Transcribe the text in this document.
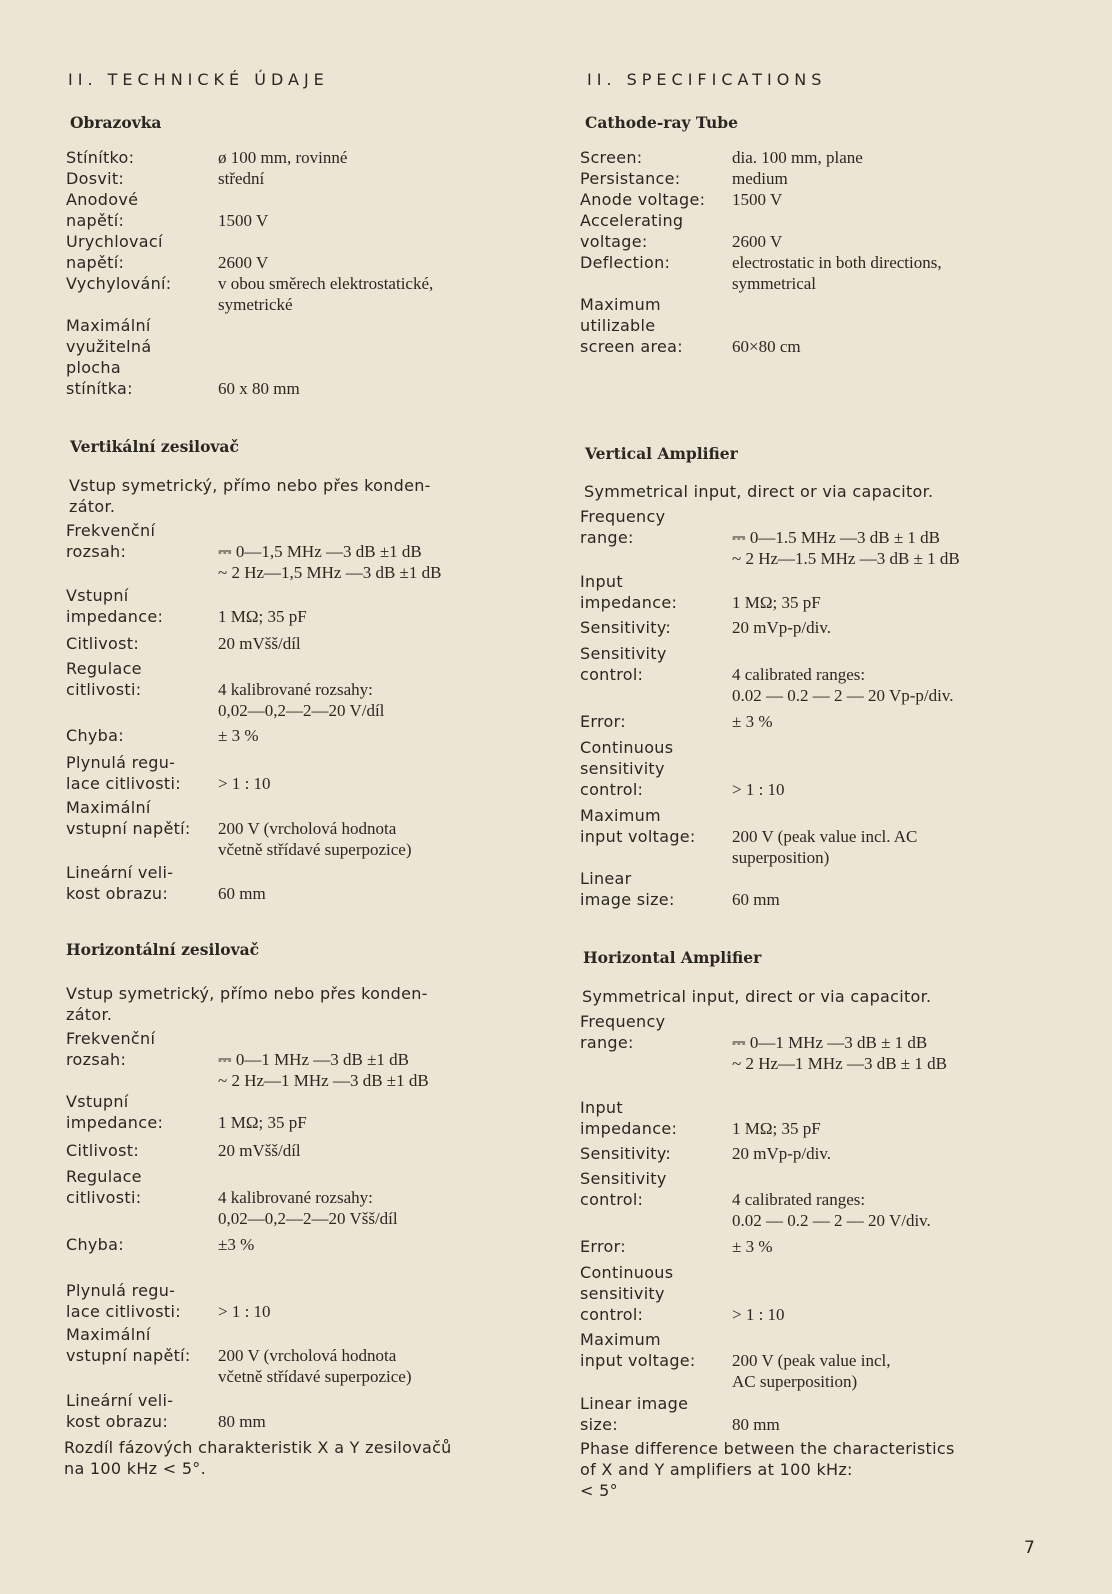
II. TECHNICKÉ ÚDAJE
Obrazovka
Stínítko:	ø 100 mm, rovinné
Dosvit:	střední
Anodové
napětí:	
1500 V
Urychlovací
napětí:	
2600 V
Vychylování:	v obou směrech elektrostatické,
symetrické
Maximální
využitelná
plocha
stínítka:	

60 x 80 mm
Vertikální zesilovač

Vstup symetrický, přímo nebo přes konden-
zátor.

Frekvenční
rozsah:	
⎓ 0—1,5 MHz —3 dB ±1 dB
~ 2 Hz—1,5 MHz —3 dB ±1 dB
Vstupní
impedance:	
1 MΩ; 35 pF
Citlivost:	20 mVšš/díl
Regulace
citlivosti:	
4 kalibrované rozsahy:
0,02—0,2—2—20 V/díl
Chyba:	± 3 %
Plynulá regu-
lace citlivosti:	
> 1 : 10
Maximální
vstupní napětí:	
200 V (vrcholová hodnota
včetně střídavé superpozice)
Lineární veli-
kost obrazu:	
60 mm
Horizontální zesilovač

Vstup symetrický, přímo nebo přes konden-
zátor.

Frekvenční
rozsah:	
⎓ 0—1 MHz —3 dB ±1 dB
~ 2 Hz—1 MHz —3 dB ±1 dB
Vstupní
impedance:	
1 MΩ; 35 pF
Citlivost:	20 mVšš/díl
Regulace
citlivosti:	
4 kalibrované rozsahy:
0,02—0,2—2—20 Všš/díl
Chyba:	±3 %
Plynulá regu-
lace citlivosti:	
> 1 : 10
Maximální
vstupní napětí:	
200 V (vrcholová hodnota
včetně střídavé superpozice)
Lineární veli-
kost obrazu:	
80 mm

Rozdíl fázových charakteristik X a Y zesilovačů
na 100 kHz < 5°.

II. SPECIFICATIONS
Cathode-ray Tube
Screen:	dia. 100 mm, plane
Persistance:	medium
Anode voltage:	1500 V
Accelerating
voltage:	
2600 V
Deflection:	electrostatic in both directions,
symmetrical
Maximum
utilizable
screen area:	

60×80 cm
Vertical Amplifier

Symmetrical input, direct or via capacitor.

Frequency
range:	
⎓ 0—1.5 MHz —3 dB ± 1 dB
~ 2 Hz—1.5 MHz —3 dB ± 1 dB
Input
impedance:	
1 MΩ; 35 pF
Sensitivity:	20 mVp-p/div.
Sensitivity
control:	
4 calibrated ranges:
0.02 — 0.2 — 2 — 20 Vp-p/div.
Error:	± 3 %
Continuous
sensitivity
control:	

> 1 : 10
Maximum
input voltage:	
200 V (peak value incl. AC
superposition)
Linear
image size:	
60 mm
Horizontal Amplifier

Symmetrical input, direct or via capacitor.

Frequency
range:	
⎓ 0—1 MHz —3 dB ± 1 dB
~ 2 Hz—1 MHz —3 dB ± 1 dB
Input
impedance:	
1 MΩ; 35 pF
Sensitivity:	20 mVp-p/div.
Sensitivity
control:	
4 calibrated ranges:
0.02 — 0.2 — 2 — 20 V/div.
Error:	± 3 %
Continuous
sensitivity
control:	

> 1 : 10
Maximum
input voltage:	
200 V (peak value incl,
AC superposition)
Linear image
size:	
80 mm

Phase difference between the characteristics
of X and Y amplifiers at 100 kHz:
< 5°

7
